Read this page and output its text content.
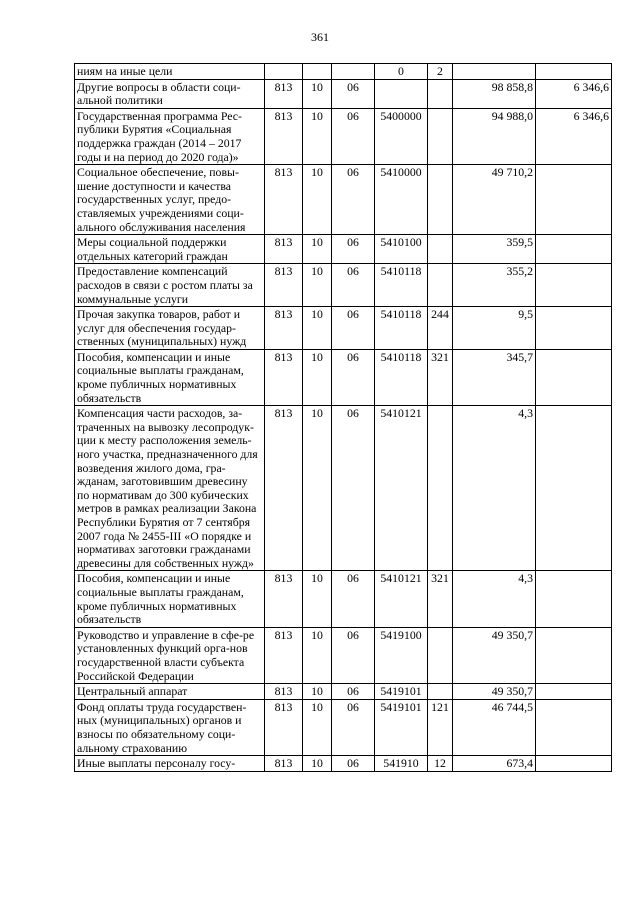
361
ниям на иные цели				0	2		
Другие вопросы в области соци-альной политики	813	10	06			98 858,8	6 346,6
Государственная программа Рес-публики Бурятия «Социальная поддержка граждан (2014 – 2017 годы и на период до 2020 года)»	813	10	06	5400000		94 988,0	6 346,6
Социальное обеспечение, повы-шение доступности и качества государственных услуг, предо-ставляемых учреждениями соци-ального обслуживания населения	813	10	06	5410000		49 710,2	
Меры социальной поддержки отдельных категорий граждан	813	10	06	5410100		359,5	
Предоставление компенсаций расходов в связи с ростом платы за коммунальные услуги	813	10	06	5410118		355,2	
Прочая закупка товаров, работ и услуг для обеспечения государ-ственных (муниципальных) нужд	813	10	06	5410118	244	9,5	
Пособия, компенсации и иные социальные выплаты гражданам, кроме публичных нормативных обязательств	813	10	06	5410118	321	345,7	
Компенсация части расходов, за-траченных на вывозку лесопродук-ции к месту расположения земель-ного участка, предназначенного для возведения жилого дома, гра-жданам, заготовившим древесину по нормативам до 300 кубических метров в рамках реализации Закона Республики Бурятия от 7 сентября 2007 года № 2455-III «О порядке и нормативах заготовки гражданами древесины для собственных нужд»	813	10	06	5410121		4,3	
Пособия, компенсации и иные социальные выплаты гражданам, кроме публичных нормативных обязательств	813	10	06	5410121	321	4,3	
Руководство и управление в сфе-ре установленных функций орга-нов государственной власти субъекта Российской Федерации	813	10	06	5419100		49 350,7	
Центральный аппарат	813	10	06	5419101		49 350,7	
Фонд оплаты труда государствен-ных (муниципальных) органов и взносы по обязательному соци-альному страхованию	813	10	06	5419101	121	46 744,5	
Иные выплаты персоналу госу-	813	10	06	541910	12	673,4	
